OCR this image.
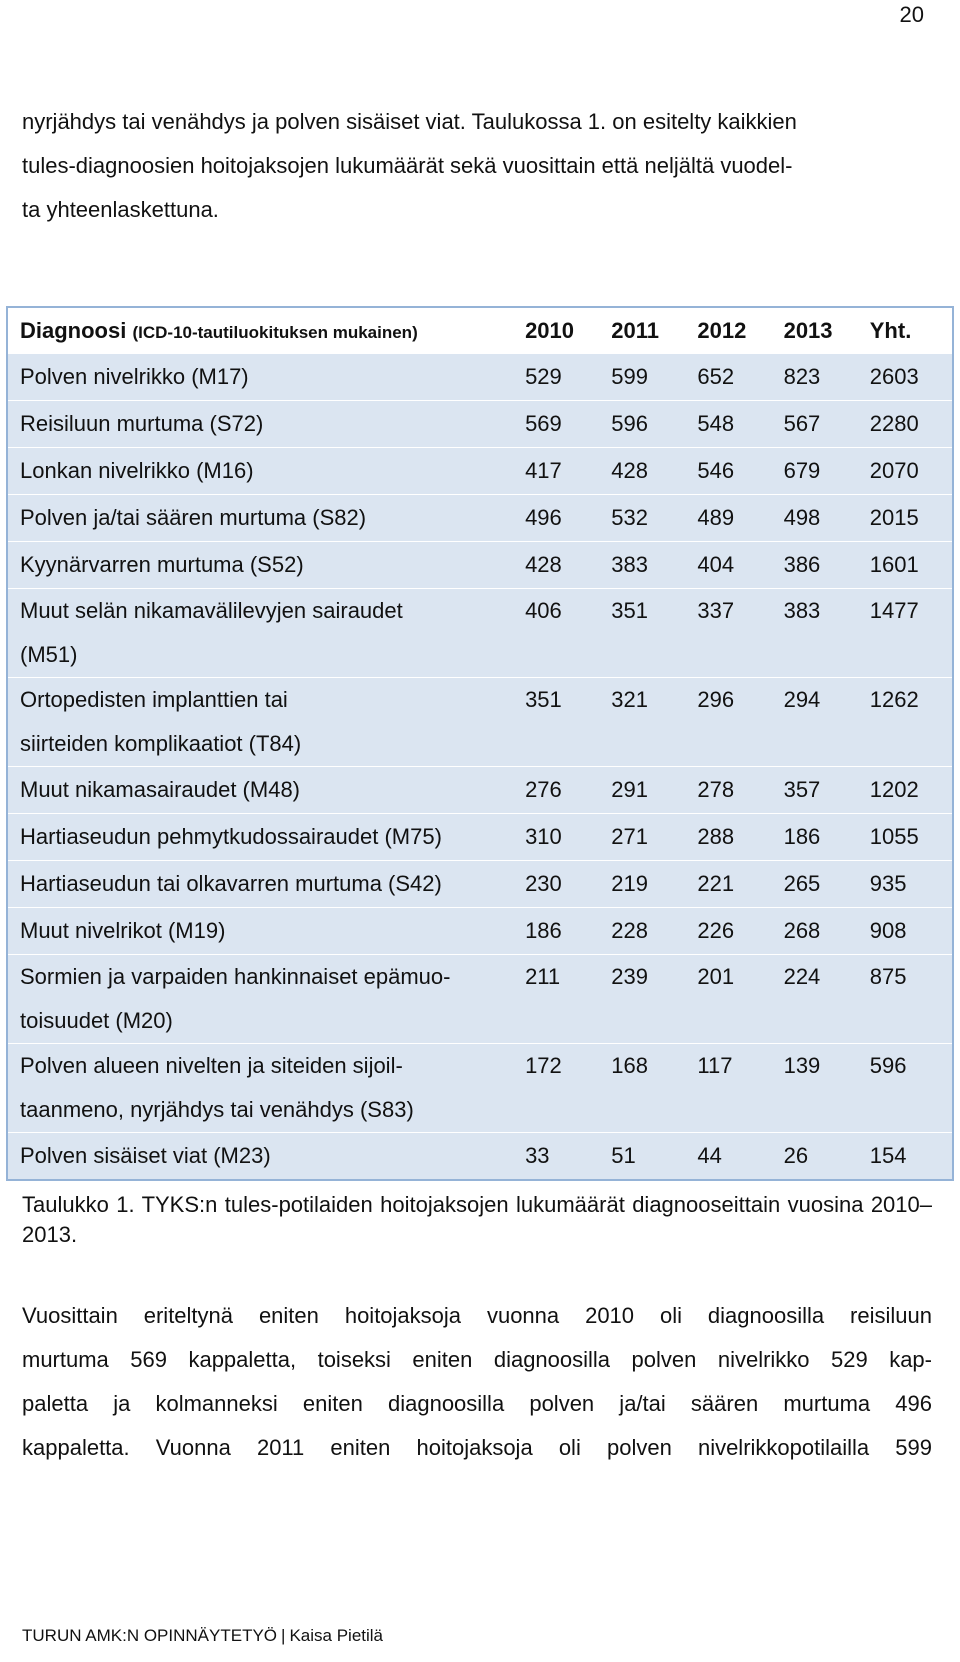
20

nyrjähdys tai venähdys ja polven sisäiset viat. Taulukossa 1. on esitelty kaikkien
tules-diagnoosien hoitojaksojen lukumäärät sekä vuosittain että neljältä vuodel-
ta yhteenlaskettuna.

Diagnoosi (ICD-10-tautiluokituksen mukainen)	2010	2011	2012	2013	Yht.

Polven nivelrikko (M17)	529	599	652	823	2603

Reisiluun murtuma (S72)	569	596	548	567	2280

Lonkan nivelrikko (M16)	417	428	546	679	2070

Polven ja/tai säären murtuma (S82)	496	532	489	498	2015

Kyynärvarren murtuma (S52)	428	383	404	386	1601

Muut selän nikamavälilevyjen sairaudet
(M51)	406	351	337	383	1477

Ortopedisten implanttien tai
siirteiden komplikaatiot (T84)	351	321	296	294	1262

Muut nikamasairaudet (M48)	276	291	278	357	1202

Hartiaseudun pehmytkudossairaudet (M75)	310	271	288	186	1055

Hartiaseudun tai olkavarren murtuma (S42)	230	219	221	265	935

Muut nivelrikot (M19)	186	228	226	268	908

Sormien ja varpaiden hankinnaiset epämuo-
toisuudet (M20)	211	239	201	224	875

Polven alueen nivelten ja siteiden sijoil-
taanmeno, nyrjähdys tai venähdys (S83)	172	168	117	139	596

Polven sisäiset viat (M23)	33	51	44	26	154

Taulukko 1. TYKS:n tules-potilaiden hoitojaksojen lukumäärät diagnooseittain vuosina 2010–2013.

Vuosittain eriteltynä eniten hoitojaksoja vuonna 2010 oli diagnoosilla reisiluun
murtuma 569 kappaletta, toiseksi eniten diagnoosilla polven nivelrikko 529 kap-
paletta ja kolmanneksi eniten diagnoosilla polven ja/tai säären murtuma 496
kappaletta. Vuonna 2011 eniten hoitojaksoja oli polven nivelrikkopotilailla 599

TURUN AMK:N OPINNÄYTETYÖ | Kaisa Pietilä
